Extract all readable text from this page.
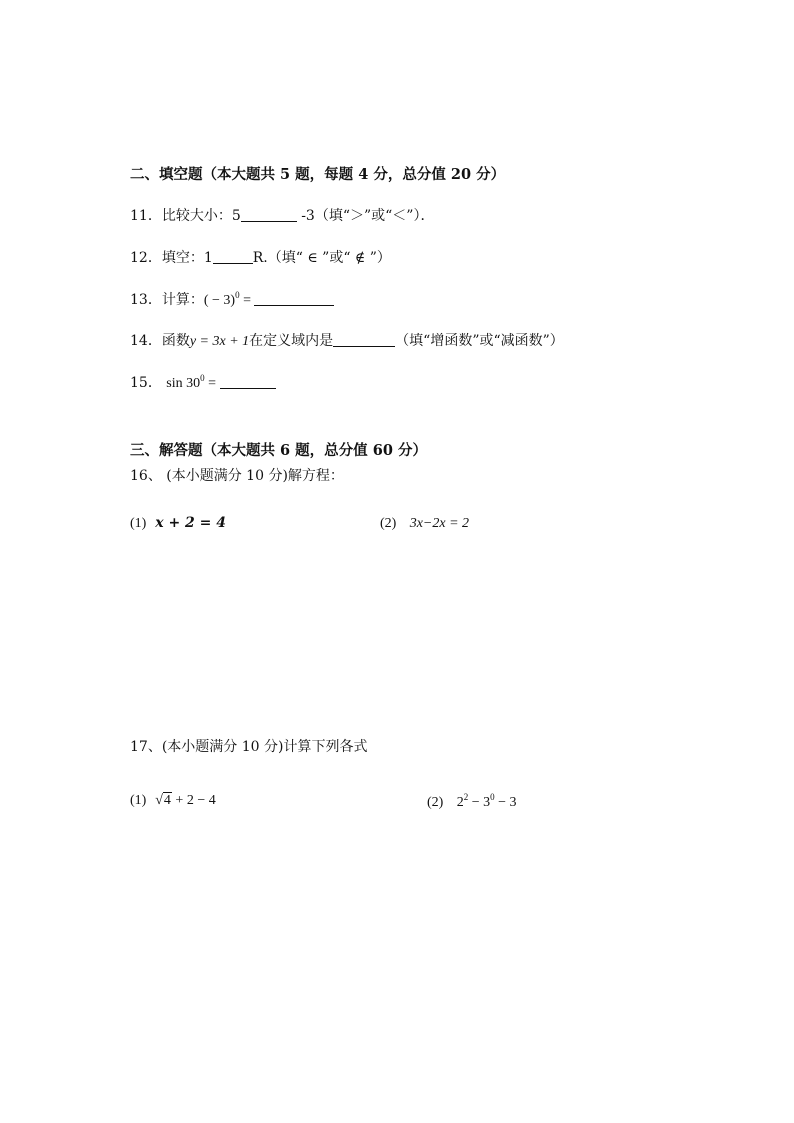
二、填空题（本大题共 5 题，每题 4 分，总分值 20 分）
11．比较大小：5	-3（填“＞”或“＜”）．
12．填空：1	R.（填“ ∈ ”或“ ∉ ”）
13．计算：( − 3)$^0$ =
14．函数y = 3x + 1在定义域内是	（填“增函数”或“减函数”）
15． $\sin 30^0$ =
三、解答题（本大题共 6 题，总分值 60 分）
16、 (本小题满分 10 分)解方程：
(1) x + 2 = 4	(2) 3x−2x = 2
17、(本小题满分 10 分)计算下列各式
(1) √4 + 2 − 4	(2) $2^2 - 3^0 - 3$
